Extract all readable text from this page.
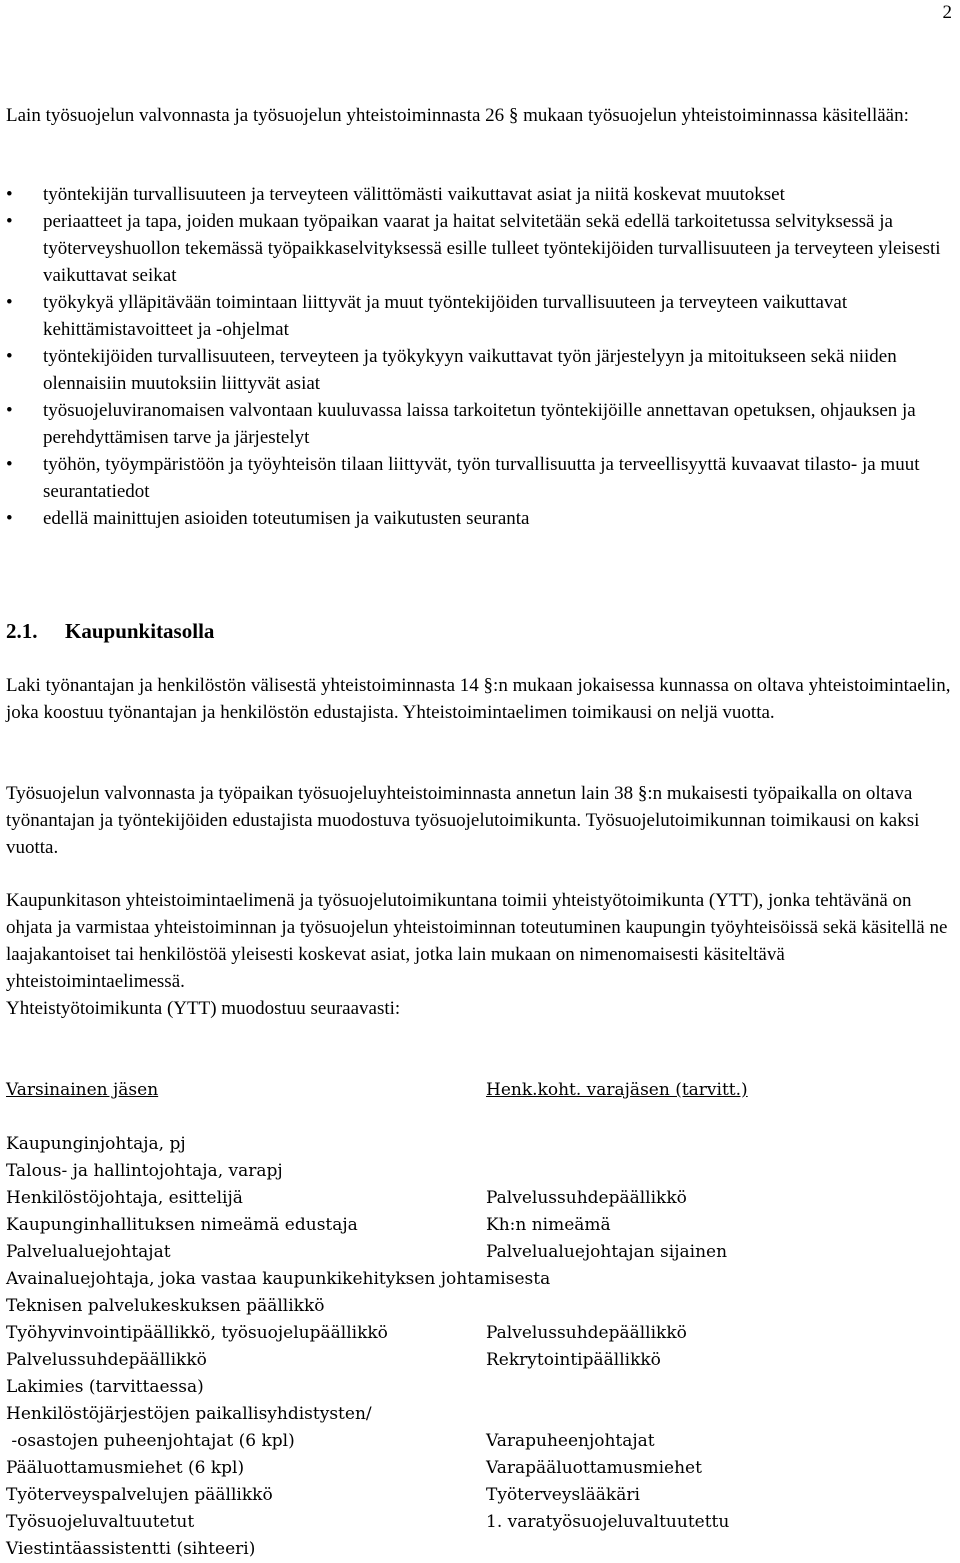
2
Lain työsuojelun valvonnasta ja työsuojelun yhteistoiminnasta 26 § mukaan työsuojelun yhteistoiminnassa käsitellään:
• työntekijän turvallisuuteen ja terveyteen välittömästi vaikuttavat asiat ja niitä koskevat muutokset
• periaatteet ja tapa, joiden mukaan työpaikan vaarat ja haitat selvitetään sekä edellä tarkoitetussa selvityksessä ja työterveyshuollon tekemässä työpaikkaselvityksessä esille tulleet työntekijöiden turvallisuuteen ja terveyteen yleisesti vaikuttavat seikat
• työkykyä ylläpitävään toimintaan liittyvät ja muut työntekijöiden turvallisuuteen ja terveyteen vaikuttavat kehittämistavoitteet ja -ohjelmat
• työntekijöiden turvallisuuteen, terveyteen ja työkykyyn vaikuttavat työn järjestelyyn ja mitoitukseen sekä niiden olennaisiin muutoksiin liittyvät asiat
• työsuojeluviranomaisen valvontaan kuuluvassa laissa tarkoitetun työntekijöille annettavan opetuksen, ohjauksen ja perehdyttämisen tarve ja järjestelyt
• työhön, työympäristöön ja työyhteisön tilaan liittyvät, työn turvallisuutta ja terveellisyyttä kuvaavat tilasto- ja muut seurantatiedot
• edellä mainittujen asioiden toteutumisen ja vaikutusten seuranta
2.1. Kaupunkitasolla

Laki työnantajan ja henkilöstön välisestä yhteistoiminnasta 14 §:n mukaan jokaisessa kunnassa on oltava yhteistoimintaelin, joka koostuu työnantajan ja henkilöstön edustajista. Yhteistoimintaelimen toimikausi on neljä vuotta.

Työsuojelun valvonnasta ja työpaikan työsuojeluyhteistoiminnasta annetun lain 38 §:n mukaisesti työpaikalla on oltava työnantajan ja työntekijöiden edustajista muodostuva työsuojelutoimikunta. Työsuojelutoimikunnan toimikausi on kaksi vuotta.

Kaupunkitason yhteistoimintaelimenä ja työsuojelutoimikuntana toimii yhteistyötoimikunta (YTT), jonka tehtävänä on ohjata ja varmistaa yhteistoiminnan ja työsuojelun yhteistoiminnan toteutuminen kaupungin työyhteisöissä sekä käsitellä ne laajakantoiset tai henkilöstöä yleisesti koskevat asiat, jotka lain mukaan on nimenomaisesti käsiteltävä yhteistoimintaelimessä.

Yhteistyötoimikunta (YTT) muodostuu seuraavasti:

Varsinainen jäsen	Henk.koht. varajäsen (tarvitt.)
Kaupunginjohtaja, pj
Talous- ja hallintojohtaja, varapj
Henkilöstöjohtaja, esittelijä	Palvelussuhdepäällikkö
Kaupunginhallituksen nimeämä edustaja	Kh:n nimeämä
Palvelualuejohtajat	Palvelualuejohtajan sijainen
Avainaluejohtaja, joka vastaa kaupunkikehityksen johtamisesta
Teknisen palvelukeskuksen päällikkö
Työhyvinvointipäällikkö, työsuojelupäällikkö	Palvelussuhdepäällikkö
Palvelussuhdepäällikkö	Rekrytointipäällikkö
Lakimies (tarvittaessa)
Henkilöstöjärjestöjen paikallisyhdistysten/
-osastojen puheenjohtajat (6 kpl)	Varapuheenjohtajat
Pääluottamusmiehet (6 kpl)	Varapääluottamusmiehet
Työterveyspalvelujen päällikkö	Työterveyslääkäri
Työsuojeluvaltuutetut	1. varatyösuojeluvaltuutettu
Viestintäassistentti (sihteeri)
